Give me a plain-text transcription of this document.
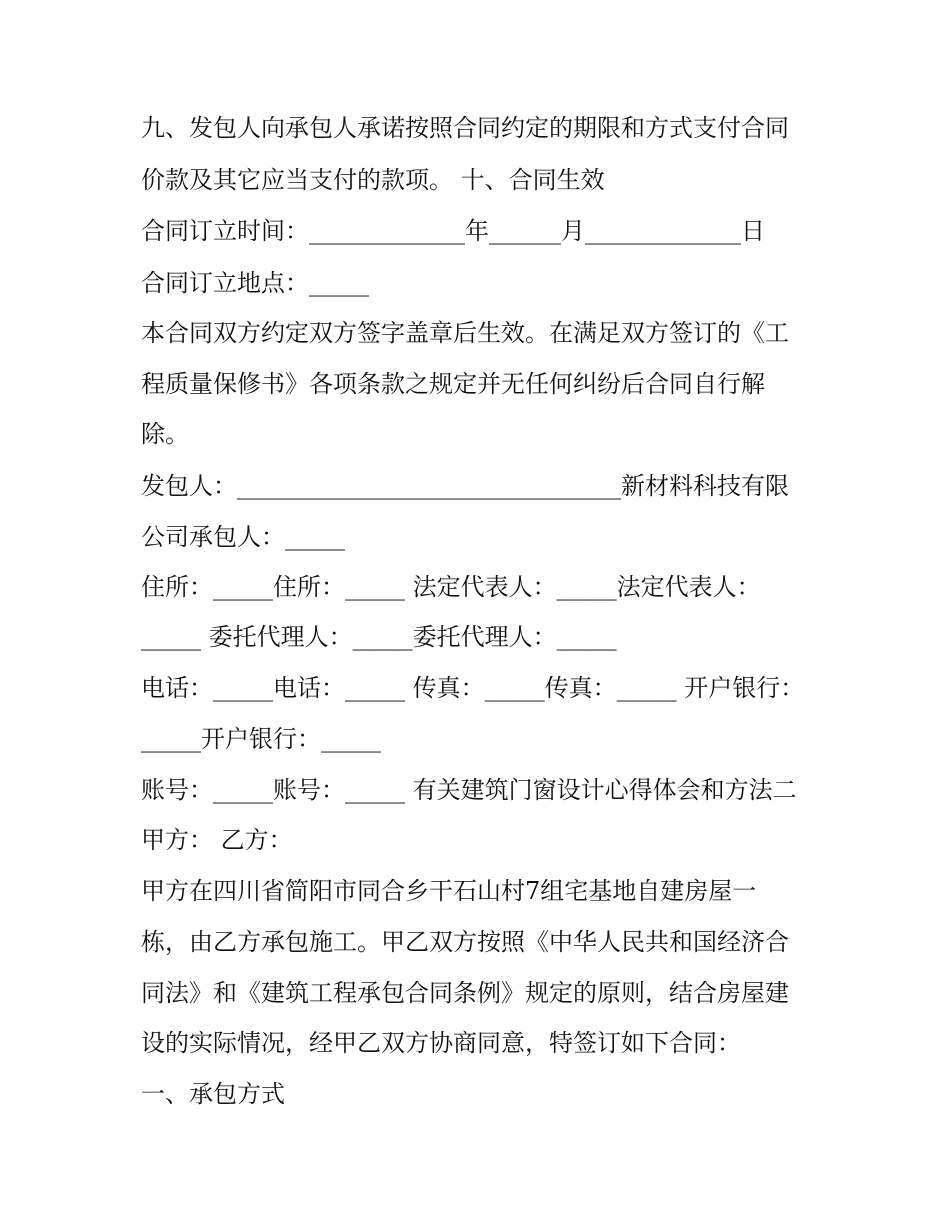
九、发包人向承包人承诺按照合同约定的期限和方式支付合同
价款及其它应当支付的款项。 十、合同生效
合同订立时间：_____________年______月_____________日
合同订立地点：_____
本合同双方约定双方签字盖章后生效。在满足双方签订的《工
程质量保修书》各项条款之规定并无任何纠纷后合同自行解
除。
发包人：________________________________新材料科技有限
公司承包人：_____
住所：_____住所：_____ 法定代表人：_____法定代表人：
_____ 委托代理人：_____委托代理人：_____
电话：_____电话：_____ 传真：_____传真：_____ 开户银行：
_____开户银行：_____
账号：_____账号：_____ 有关建筑门窗设计心得体会和方法二
甲方： 乙方：
甲方在四川省简阳市同合乡干石山村7组宅基地自建房屋一
栋，由乙方承包施工。甲乙双方按照《中华人民共和国经济合
同法》和《建筑工程承包合同条例》规定的原则，结合房屋建
设的实际情况，经甲乙双方协商同意，特签订如下合同：
一、承包方式
